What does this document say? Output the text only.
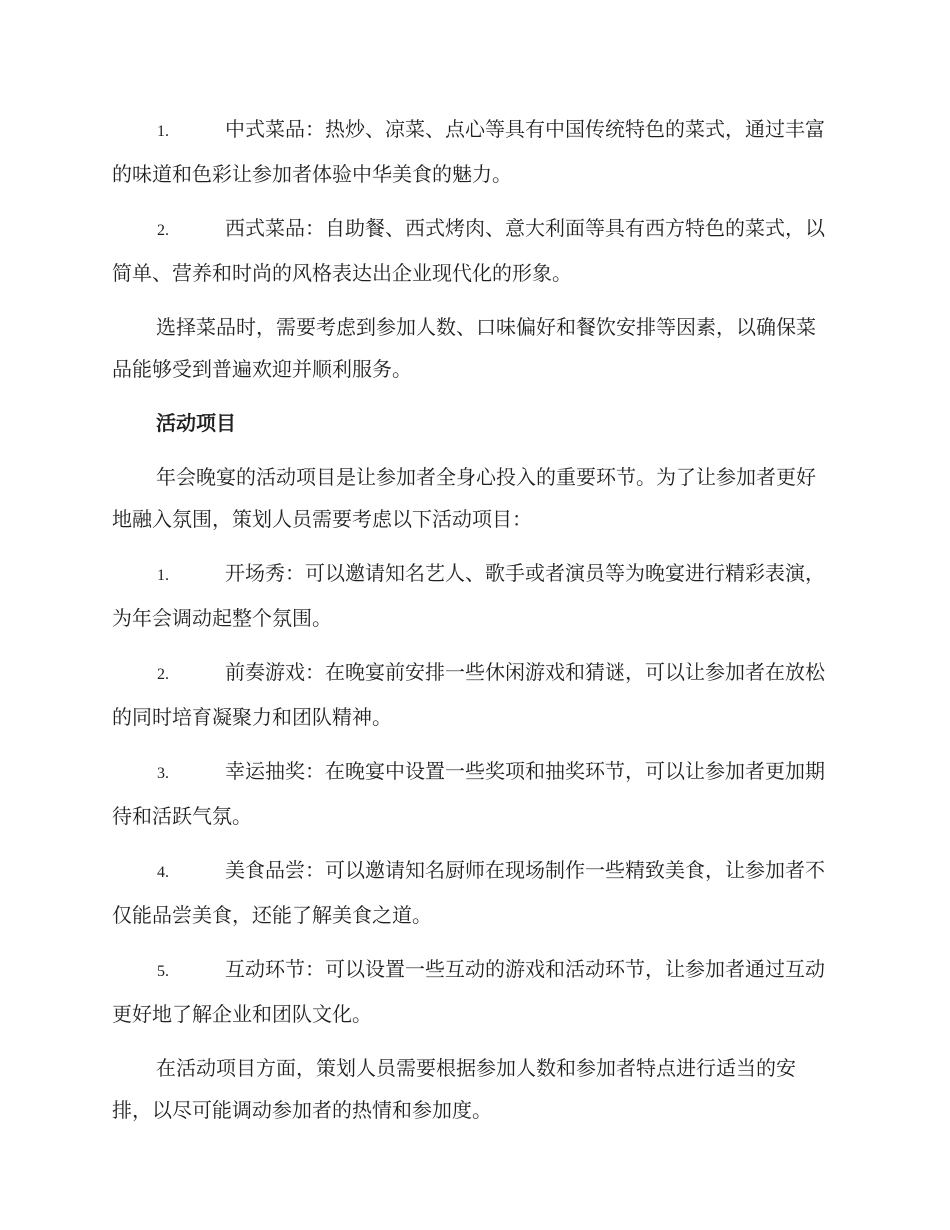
1.	中式菜品：热炒、凉菜、点心等具有中国传统特色的菜式，通过丰富的味道和色彩让参加者体验中华美食的魅力。

2.	西式菜品：自助餐、西式烤肉、意大利面等具有西方特色的菜式，以简单、营养和时尚的风格表达出企业现代化的形象。

选择菜品时，需要考虑到参加人数、口味偏好和餐饮安排等因素，以确保菜品能够受到普遍欢迎并顺利服务。

活动项目

年会晚宴的活动项目是让参加者全身心投入的重要环节。为了让参加者更好地融入氛围，策划人员需要考虑以下活动项目：

1.	开场秀：可以邀请知名艺人、歌手或者演员等为晚宴进行精彩表演，为年会调动起整个氛围。

2.	前奏游戏：在晚宴前安排一些休闲游戏和猜谜，可以让参加者在放松的同时培育凝聚力和团队精神。

3.	幸运抽奖：在晚宴中设置一些奖项和抽奖环节，可以让参加者更加期待和活跃气氛。

4.	美食品尝：可以邀请知名厨师在现场制作一些精致美食，让参加者不仅能品尝美食，还能了解美食之道。

5.	互动环节：可以设置一些互动的游戏和活动环节，让参加者通过互动更好地了解企业和团队文化。

在活动项目方面，策划人员需要根据参加人数和参加者特点进行适当的安排，以尽可能调动参加者的热情和参加度。
